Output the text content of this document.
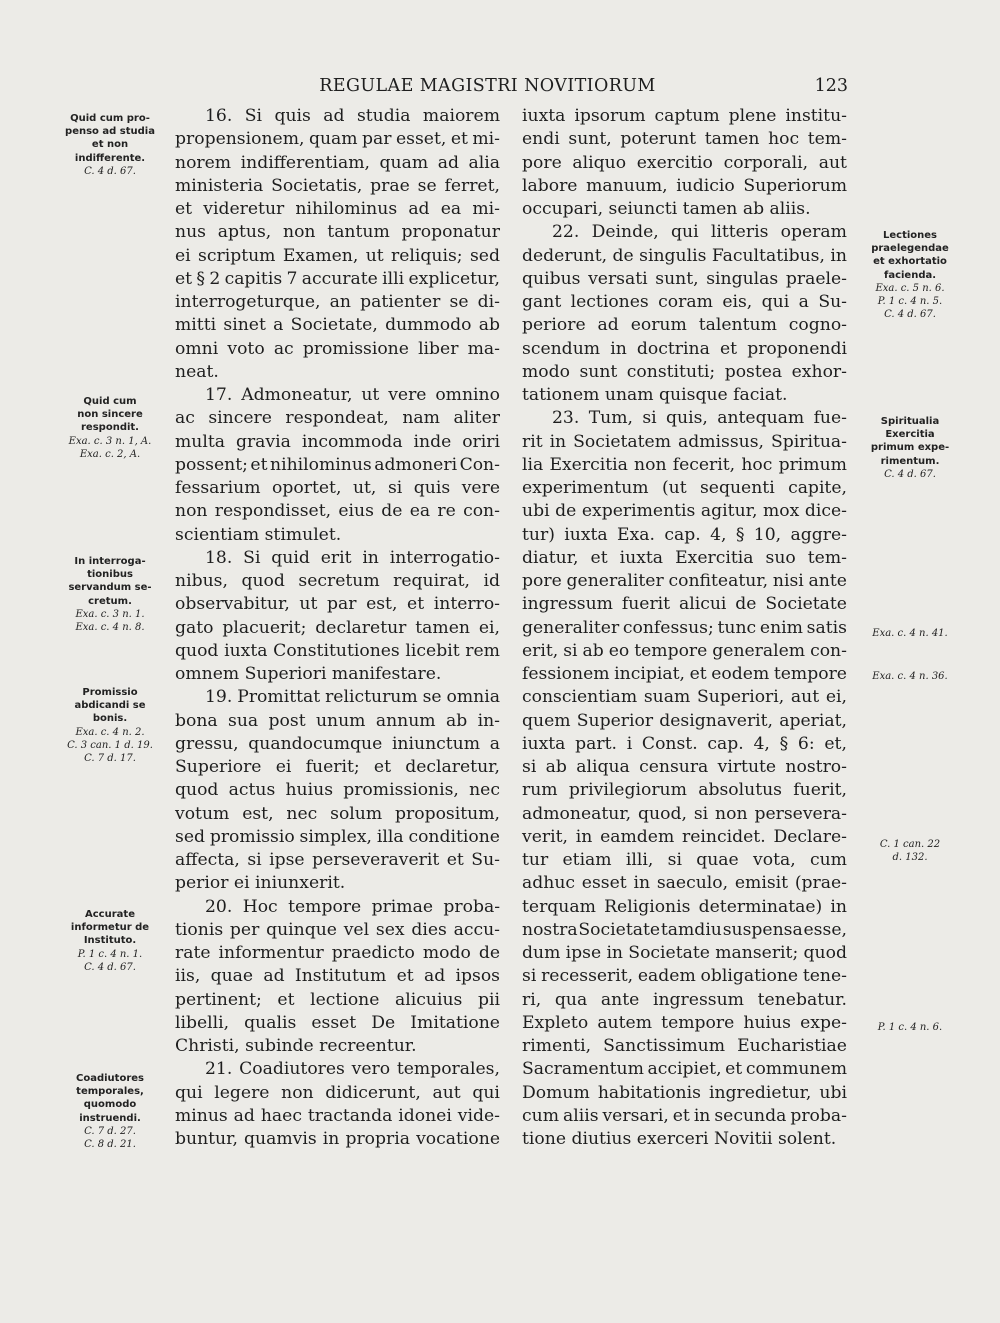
REGULAE MAGISTRI NOVITIORUM	123
16. Si quis ad studia maiorem
propensionem, quam par esset, et mi-
norem indifferentiam, quam ad alia
ministeria Societatis, prae se ferret,
et videretur nihilominus ad ea mi-
nus aptus, non tantum proponatur
ei scriptum Examen, ut reliquis; sed
et § 2 capitis 7 accurate illi explicetur,
interrogeturque, an patienter se di-
mitti sinet a Societate, dummodo ab
omni voto ac promissione liber ma-
neat.
17. Admoneatur, ut vere omnino
ac sincere respondeat, nam aliter
multa gravia incommoda inde oriri
possent; et nihilominus admoneri Con-
fessarium oportet, ut, si quis vere
non respondisset, eius de ea re con-
scientiam stimulet.
18. Si quid erit in interrogatio-
nibus, quod secretum requirat, id
observabitur, ut par est, et interro-
gato placuerit; declaretur tamen ei,
quod iuxta Constitutiones licebit rem
omnem Superiori manifestare.
19. Promittat relicturum se omnia
bona sua post unum annum ab in-
gressu, quandocumque iniunctum a
Superiore ei fuerit; et declaretur,
quod actus huius promissionis, nec
votum est, nec solum propositum,
sed promissio simplex, illa conditione
affecta, si ipse perseveraverit et Su-
perior ei iniunxerit.
20. Hoc tempore primae proba-
tionis per quinque vel sex dies accu-
rate informentur praedicto modo de
iis, quae ad Institutum et ad ipsos
pertinent; et lectione alicuius pii
libelli, qualis esset De Imitatione
Christi, subinde recreentur.
21. Coadiutores vero temporales,
qui legere non didicerunt, aut qui
minus ad haec tractanda idonei vide-
buntur, quamvis in propria vocatione
iuxta ipsorum captum plene institu-
endi sunt, poterunt tamen hoc tem-
pore aliquo exercitio corporali, aut
labore manuum, iudicio Superiorum
occupari, seiuncti tamen ab aliis.
22. Deinde, qui litteris operam
dederunt, de singulis Facultatibus, in
quibus versati sunt, singulas praele-
gant lectiones coram eis, qui a Su-
periore ad eorum talentum cogno-
scendum in doctrina et proponendi
modo sunt constituti; postea exhor-
tationem unam quisque faciat.
23. Tum, si quis, antequam fue-
rit in Societatem admissus, Spiritua-
lia Exercitia non fecerit, hoc primum
experimentum (ut sequenti capite,
ubi de experimentis agitur, mox dice-
tur) iuxta Exa. cap. 4, § 10, aggre-
diatur, et iuxta Exercitia suo tem-
pore generaliter confiteatur, nisi ante
ingressum fuerit alicui de Societate
generaliter confessus; tunc enim satis
erit, si ab eo tempore generalem con-
fessionem incipiat, et eodem tempore
conscientiam suam Superiori, aut ei,
quem Superior designaverit, aperiat,
iuxta part. i Const. cap. 4, § 6: et,
si ab aliqua censura virtute nostro-
rum privilegiorum absolutus fuerit,
admoneatur, quod, si non persevera-
verit, in eamdem reincidet. Declare-
tur etiam illi, si quae vota, cum
adhuc esset in saeculo, emisit (prae-
terquam Religionis determinatae) in
nostra Societate tamdiu suspensa esse,
dum ipse in Societate manserit; quod
si recesserit, eadem obligatione tene-
ri, qua ante ingressum tenebatur.
Expleto autem tempore huius expe-
rimenti, Sanctissimum Eucharistiae
Sacramentum accipiet, et communem
Domum habitationis ingredietur, ubi
cum aliis versari, et in secunda proba-
tione diutius exerceri Novitii solent.
Quid cum pro-
penso ad studia
et non
indifferente.
C. 4 d. 67.
Quid cum
non sincere
respondit.
Exa. c. 3 n. 1, A.
Exa. c. 2, A.
In interroga-
tionibus
servandum se-
cretum.
Exa. c. 3 n. 1.
Exa. c. 4 n. 8.
Promissio
abdicandi se
bonis.
Exa. c. 4 n. 2.
C. 3 can. 1 d. 19.
C. 7 d. 17.
Accurate
informetur de
Instituto.
P. 1 c. 4 n. 1.
C. 4 d. 67.
Coadiutores
temporales,
quomodo
instruendi.
C. 7 d. 27.
C. 8 d. 21.
Lectiones
praelegendae
et exhortatio
facienda.
Exa. c. 5 n. 6.
P. 1 c. 4 n. 5.
C. 4 d. 67.
Spiritualia
Exercitia
primum expe-
rimentum.
C. 4 d. 67.
Exa. c. 4 n. 41.
Exa. c. 4 n. 36.
C. 1 can. 22
d. 132.
P. 1 c. 4 n. 6.
